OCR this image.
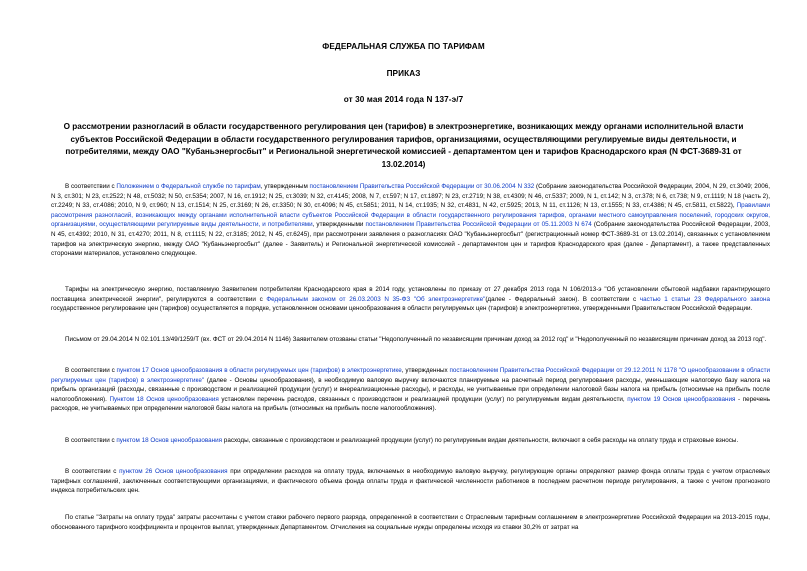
ФЕДЕРАЛЬНАЯ СЛУЖБА ПО ТАРИФАМ
ПРИКАЗ
от 30 мая 2014 года N 137-э/7
О рассмотрении разногласий в области государственного регулирования цен (тарифов) в электроэнергетике, возникающих между органами исполнительной власти субъектов Российской Федерации в области государственного регулирования тарифов, организациями, осуществляющими регулируемые виды деятельности, и потребителями, между ОАО "Кубаньэнергосбыт" и Региональной энергетической комиссией - департаментом цен и тарифов Краснодарского края (N ФСТ-3689-31 от 13.02.2014)
В соответствии с Положением о Федеральной службе по тарифам, утвержденным постановлением Правительства Российской Федерации от 30.06.2004 N 332 (Собрание законодательства Российской Федерации, 2004, N 29, ст.3049; 2006, N 3, ст.301; N 23, ст.2522; N 48, ст.5032; N 50, ст.5354; 2007, N 16, ст.1912; N 25, ст.3039; N 32, ст.4145; 2008, N 7, ст.597; N 17, ст.1897; N 23, ст.2719; N 38, ст.4309; N 46, ст.5337; 2009, N 1, ст.142; N 3, ст.378; N 6, ст.738; N 9, ст.1119; N 18 (часть 2), ст.2249; N 33, ст.4086; 2010, N 9, ст.960; N 13, ст.1514; N 25, ст.3169; N 26, ст.3350; N 30, ст.4096; N 45, ст.5851; 2011, N 14, ст.1935; N 32, ст.4831, N 42, ст.5925; 2013, N 11, ст.1126; N 13, ст.1555; N 33, ст.4386; N 45, ст.5811, ст.5822), Правилами рассмотрения разногласий, возникающих между органами исполнительной власти субъектов Российской Федерации в области государственного регулирования тарифов, органами местного самоуправления поселений, городских округов, организациями, осуществляющими регулируемые виды деятельности, и потребителями, утвержденными постановлением Правительства Российской Федерации от 05.11.2003 N 674 (Собрание законодательства Российской Федерации, 2003, N 45, ст.4392; 2010, N 31, ст.4270; 2011, N 8, ст.1115; N 22, ст.3185; 2012, N 45, ст.6245), при рассмотрении заявления о разногласиях ОАО "Кубаньэнергосбыт" (регистрационный номер ФСТ-3689-31 от 13.02.2014), связанных с установлением тарифов на электрическую энергию, между ОАО "Кубаньэнергосбыт" (далее - Заявитель) и Региональной энергетической комиссией - департаментом цен и тарифов Краснодарского края (далее - Департамент), а также представленных сторонами материалов, установлено следующее.
Тарифы на электрическую энергию, поставляемую Заявителем потребителям Краснодарского края в 2014 году, установлены по приказу от 27 декабря 2013 года N 106/2013-э "Об установлении сбытовой надбавки гарантирующего поставщика электрической энергии", регулируются в соответствии с Федеральным законом от 26.03.2003 N 35-ФЗ "Об электроэнергетике"(далее - Федеральный закон). В соответствии с частью 1 статьи 23 Федерального закона государственное регулирование цен (тарифов) осуществляется в порядке, установленном основами ценообразования в области регулируемых цен (тарифов) в электроэнергетике, утвержденными Правительством Российской Федерации.
Письмом от 29.04.2014 N 02.101.13/49/1259/Т (вх. ФСТ от 29.04.2014 N 1146) Заявителем отозваны статьи "Недополученный по независящим причинам доход за 2012 год" и "Недополученный по независящим причинам доход за 2013 год".
В соответствии с пунктом 17 Основ ценообразования в области регулируемых цен (тарифов) в электроэнергетике, утвержденных постановлением Правительства Российской Федерации от 29.12.2011 N 1178 "О ценообразовании в области регулируемых цен (тарифов) в электроэнергетике" (далее - Основы ценообразования), в необходимую валовую выручку включаются планируемые на расчетный период регулирования расходы, уменьшающие налоговую базу налога на прибыль организаций (расходы, связанные с производством и реализацией продукции (услуг) и внереализационные расходы), и расходы, не учитываемые при определении налоговой базы налога на прибыль (относимые на прибыль после налогообложения). Пунктом 18 Основ ценообразования установлен перечень расходов, связанных с производством и реализацией продукции (услуг) по регулируемым видам деятельности, пунктом 19 Основ ценообразования - перечень расходов, не учитываемых при определении налоговой базы налога на прибыль (относимых на прибыль после налогообложения).
В соответствии с пунктом 18 Основ ценообразования расходы, связанные с производством и реализацией продукции (услуг) по регулируемым видам деятельности, включают в себя расходы на оплату труда и страховые взносы.
В соответствии с пунктом 26 Основ ценообразования при определении расходов на оплату труда, включаемых в необходимую валовую выручку, регулирующие органы определяют размер фонда оплаты труда с учетом отраслевых тарифных соглашений, заключенных соответствующими организациями, и фактического объема фонда оплаты труда и фактической численности работников в последнем расчетном периоде регулирования, а также с учетом прогнозного индекса потребительских цен.
По статье "Затраты на оплату труда" затраты рассчитаны с учетом ставки рабочего первого разряда, определенной в соответствии с Отраслевым тарифным соглашением в электроэнергетике Российской Федерации на 2013-2015 годы, обоснованного тарифного коэффициента и процентов выплат, утвержденных Департаментом. Отчисления на социальные нужды определены исходя из ставки 30,2% от затрат на
